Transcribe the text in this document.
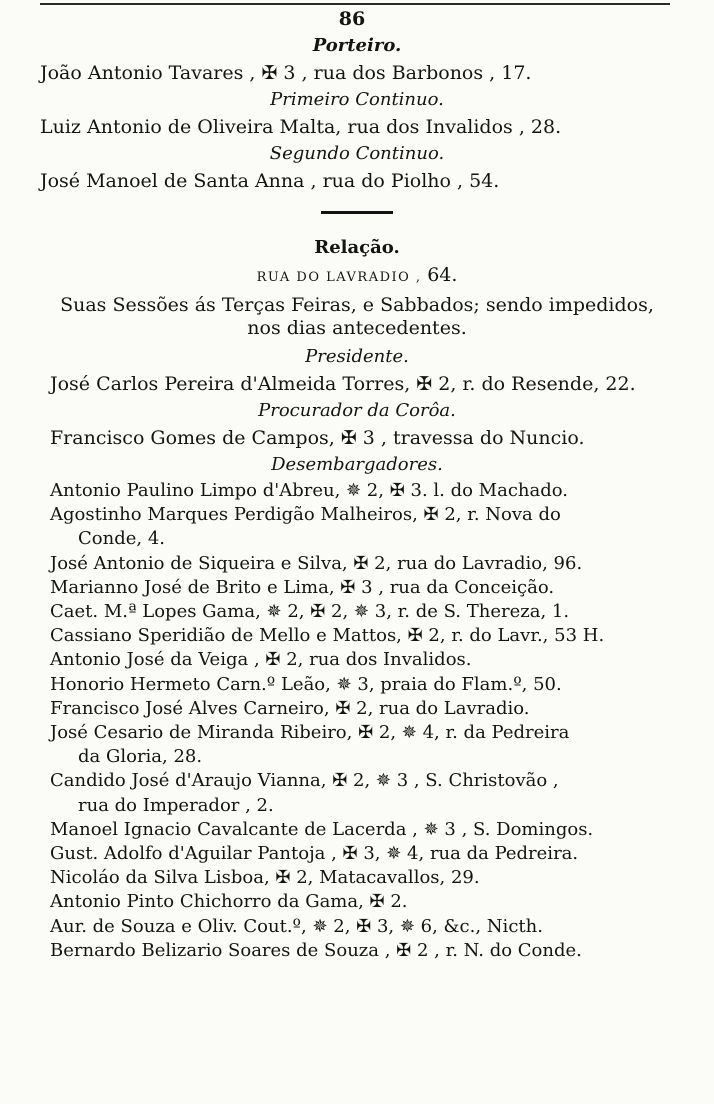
86
Porteiro.
João Antonio Tavares , ✠ 3 , rua dos Barbonos , 17.
Primeiro Continuo.
Luiz Antonio de Oliveira Malta, rua dos Invalidos , 28.
Segundo Continuo.
José Manoel de Santa Anna , rua do Piolho , 54.
Relação.
RUA DO LAVRADIO , 64.
Suas Sessões ás Terças Feiras, e Sabbados; sendo impedidos,
nos dias antecedentes.
Presidente.
José Carlos Pereira d'Almeida Torres, ✠ 2, r. do Resende, 22.
Procurador da Corôa.
Francisco Gomes de Campos, ✠ 3 , travessa do Nuncio.
Desembargadores.
Antonio Paulino Limpo d'Abreu, ✵ 2, ✠ 3. l. do Machado.
Agostinho Marques Perdigão Malheiros, ✠ 2, r. Nova do
Conde, 4.
José Antonio de Siqueira e Silva, ✠ 2, rua do Lavradio, 96.
Marianno José de Brito e Lima, ✠ 3 , rua da Conceição.
Caet. M.ª Lopes Gama, ✵ 2, ✠ 2, ✵ 3, r. de S. Thereza, 1.
Cassiano Speridião de Mello e Mattos, ✠ 2, r. do Lavr., 53 H.
Antonio José da Veiga , ✠ 2, rua dos Invalidos.
Honorio Hermeto Carn.º Leão, ✵ 3, praia do Flam.º, 50.
Francisco José Alves Carneiro, ✠ 2, rua do Lavradio.
José Cesario de Miranda Ribeiro, ✠ 2, ✵ 4, r. da Pedreira
da Gloria, 28.
Candido José d'Araujo Vianna, ✠ 2, ✵ 3 , S. Christovão ,
rua do Imperador , 2.
Manoel Ignacio Cavalcante de Lacerda , ✵ 3 , S. Domingos.
Gust. Adolfo d'Aguilar Pantoja , ✠ 3, ✵ 4, rua da Pedreira.
Nicoláo da Silva Lisboa, ✠ 2, Matacavallos, 29.
Antonio Pinto Chichorro da Gama, ✠ 2.
Aur. de Souza e Oliv. Cout.º, ✵ 2, ✠ 3, ✵ 6, &c., Nicth.
Bernardo Belizario Soares de Souza , ✠ 2 , r. N. do Conde.
